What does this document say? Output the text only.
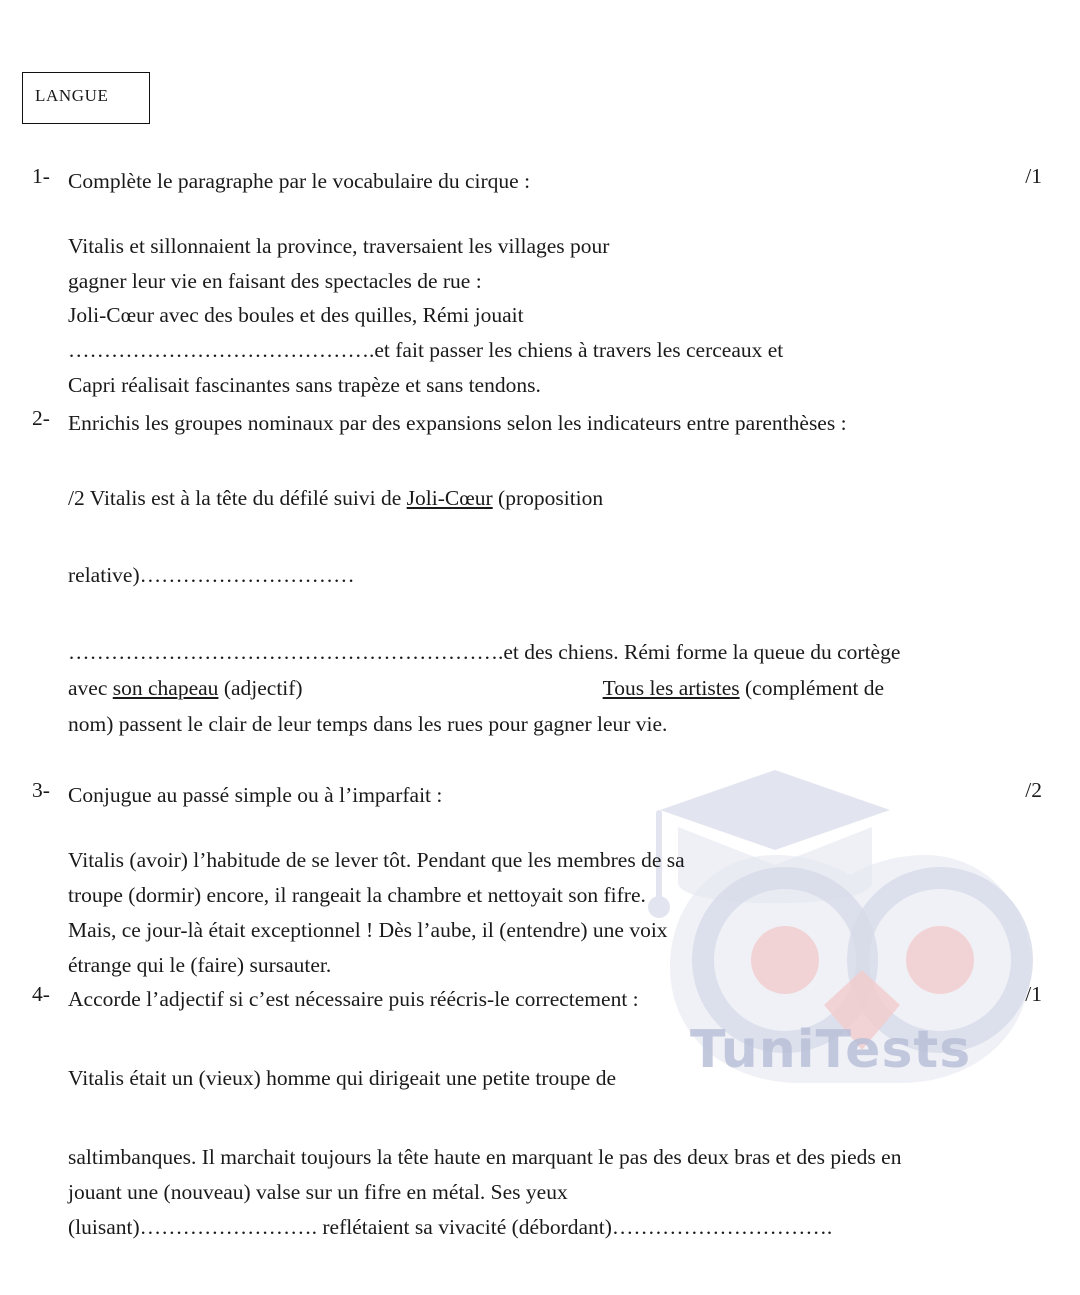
TuniTests
LANGUE
1- Complète le paragraphe par le vocabulaire du cirque :	/1
Vitalis et sillonnaient la province, traversaient les villages pour
gagner leur vie en faisant des spectacles de rue :
Joli-Cœur avec des boules et des quilles, Rémi jouait
…………………………………….et fait passer les chiens à travers les cerceaux et
Capri réalisait fascinantes sans trapèze et sans tendons.
2- Enrichis les groupes nominaux par des expansions selon les indicateurs entre parenthèses :
/2 Vitalis est à la tête du défilé suivi de Joli-Cœur (proposition
relative)…………………………
…………………………………………………….et des chiens. Rémi forme la queue du cortège
avec son chapeau (adjectif)	Tous les artistes (complément de
nom) passent le clair de leur temps dans les rues pour gagner leur vie.
3- Conjugue au passé simple ou à l’imparfait :	/2
Vitalis (avoir) l’habitude de se lever tôt. Pendant que les membres de sa
troupe (dormir) encore, il rangeait la chambre et nettoyait son fifre.
Mais, ce jour-là était exceptionnel ! Dès l’aube, il (entendre) une voix
étrange qui le (faire) sursauter.
4- Accorde l’adjectif si c’est nécessaire puis réécris-le correctement :	/1
Vitalis était un (vieux) homme qui dirigeait une petite troupe de
saltimbanques. Il marchait toujours la tête haute en marquant le pas des deux bras et des pieds en
jouant une (nouveau) valse sur un fifre en métal. Ses yeux
(luisant)……………………. reflétaient sa vivacité (débordant)………………………….
